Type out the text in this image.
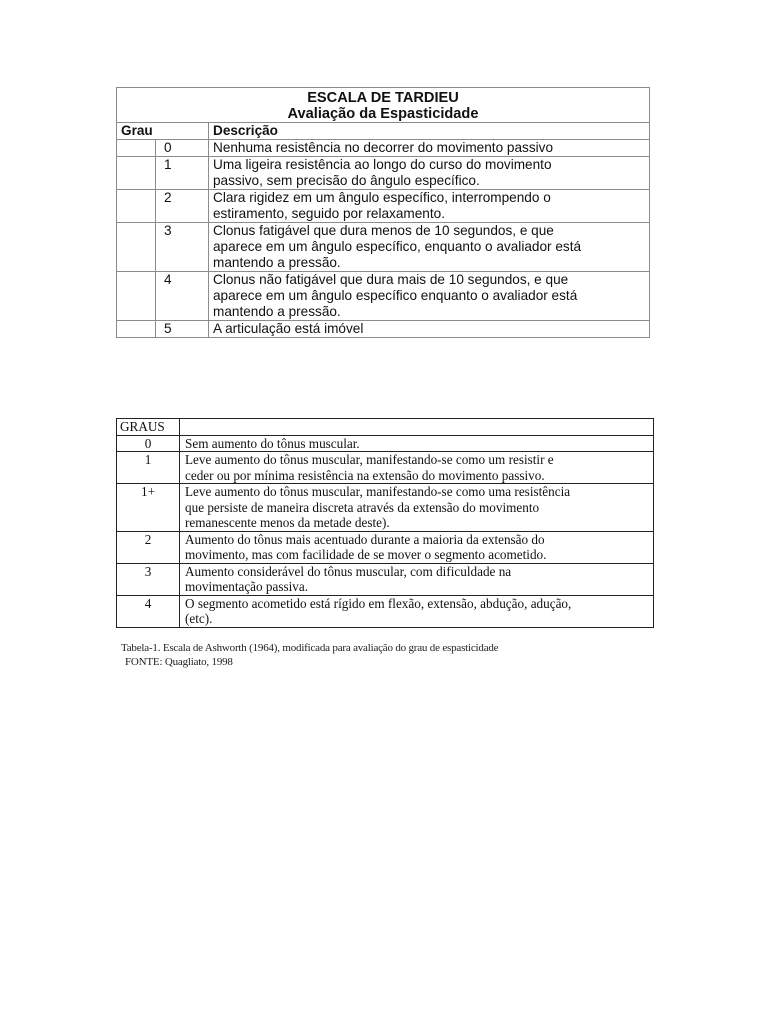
ESCALA DE TARDIEU
Avaliação da Espasticidade		

Grau		Descrição
	0	Nenhuma resistência no decorrer do movimento passivo

	1	Uma ligeira resistência ao longo do curso do movimento
passivo, sem precisão do ângulo específico.

	2	Clara rigidez em um ângulo específico, interrompendo o
estiramento, seguido por relaxamento.

	3	Clonus fatigável que dura menos de 10 segundos, e que
aparece em um ângulo específico, enquanto o avaliador está
mantendo a pressão.

	4	Clonus não fatigável que dura mais de 10 segundos, e que
aparece em um ângulo específico enquanto o avaliador está
mantendo a pressão.

	5	A articulação está imóvel
GRAUS	
0	Sem aumento do tônus muscular.

1	Leve aumento do tônus muscular, manifestando-se como um resistir e
ceder ou por mínima resistência na extensão do movimento passivo.

1+	Leve aumento do tônus muscular, manifestando-se como uma resistência
que persiste de maneira discreta através da extensão do movimento
remanescente menos da metade deste).

2	Aumento do tônus mais acentuado durante a maioria da extensão do
movimento, mas com facilidade de se mover o segmento acometido.

3	Aumento considerável do tônus muscular, com dificuldade na
movimentação passiva.

4	O segmento acometido está rígido em flexão, extensão, abdução, adução,
(etc).
Tabela-1. Escala de Ashworth (1964), modificada para avaliação do grau de espasticidade
FONTE: Quagliato, 1998
